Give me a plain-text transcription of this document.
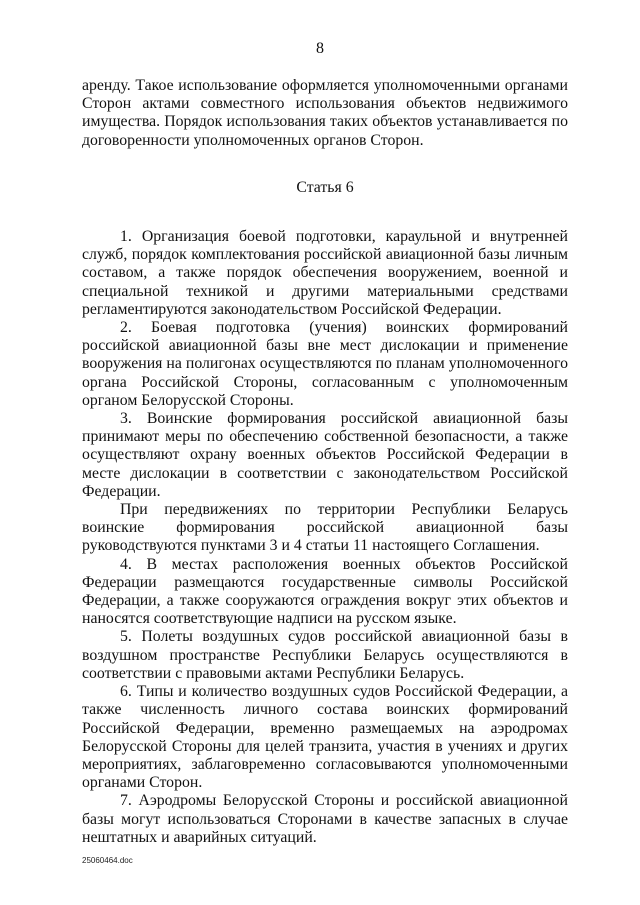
8

аренду. Такое использование оформляется уполномоченными органами Сторон актами совместного использования объектов недвижимого имущества. Порядок использования таких объектов устанавливается по договоренности уполномоченных органов Сторон.

Статья 6

1. Организация боевой подготовки, караульной и внутренней служб, порядок комплектования российской авиационной базы личным составом, а также порядок обеспечения вооружением, военной и специальной техникой и другими материальными средствами регламентируются законодательством Российской Федерации.

2. Боевая подготовка (учения) воинских формирований российской авиационной базы вне мест дислокации и применение вооружения на полигонах осуществляются по планам уполномоченного органа Российской Стороны, согласованным с уполномоченным органом Белорусской Стороны.

3. Воинские формирования российской авиационной базы принимают меры по обеспечению собственной безопасности, а также осуществляют охрану военных объектов Российской Федерации в месте дислокации в соответствии с законодательством Российской Федерации.

При передвижениях по территории Республики Беларусь воинские формирования российской авиационной базы руководствуются пунктами 3 и 4 статьи 11 настоящего Соглашения.

4. В местах расположения военных объектов Российской Федерации размещаются государственные символы Российской Федерации, а также сооружаются ограждения вокруг этих объектов и наносятся соответствующие надписи на русском языке.

5. Полеты воздушных судов российской авиационной базы в воздушном пространстве Республики Беларусь осуществляются в соответствии с правовыми актами Республики Беларусь.

6. Типы и количество воздушных судов Российской Федерации, а также численность личного состава воинских формирований Российской Федерации, временно размещаемых на аэродромах Белорусской Стороны для целей транзита, участия в учениях и других мероприятиях, заблаговременно согласовываются уполномоченными органами Сторон.

7. Аэродромы Белорусской Стороны и российской авиационной базы могут использоваться Сторонами в качестве запасных в случае нештатных и аварийных ситуаций.

25060464.doc
